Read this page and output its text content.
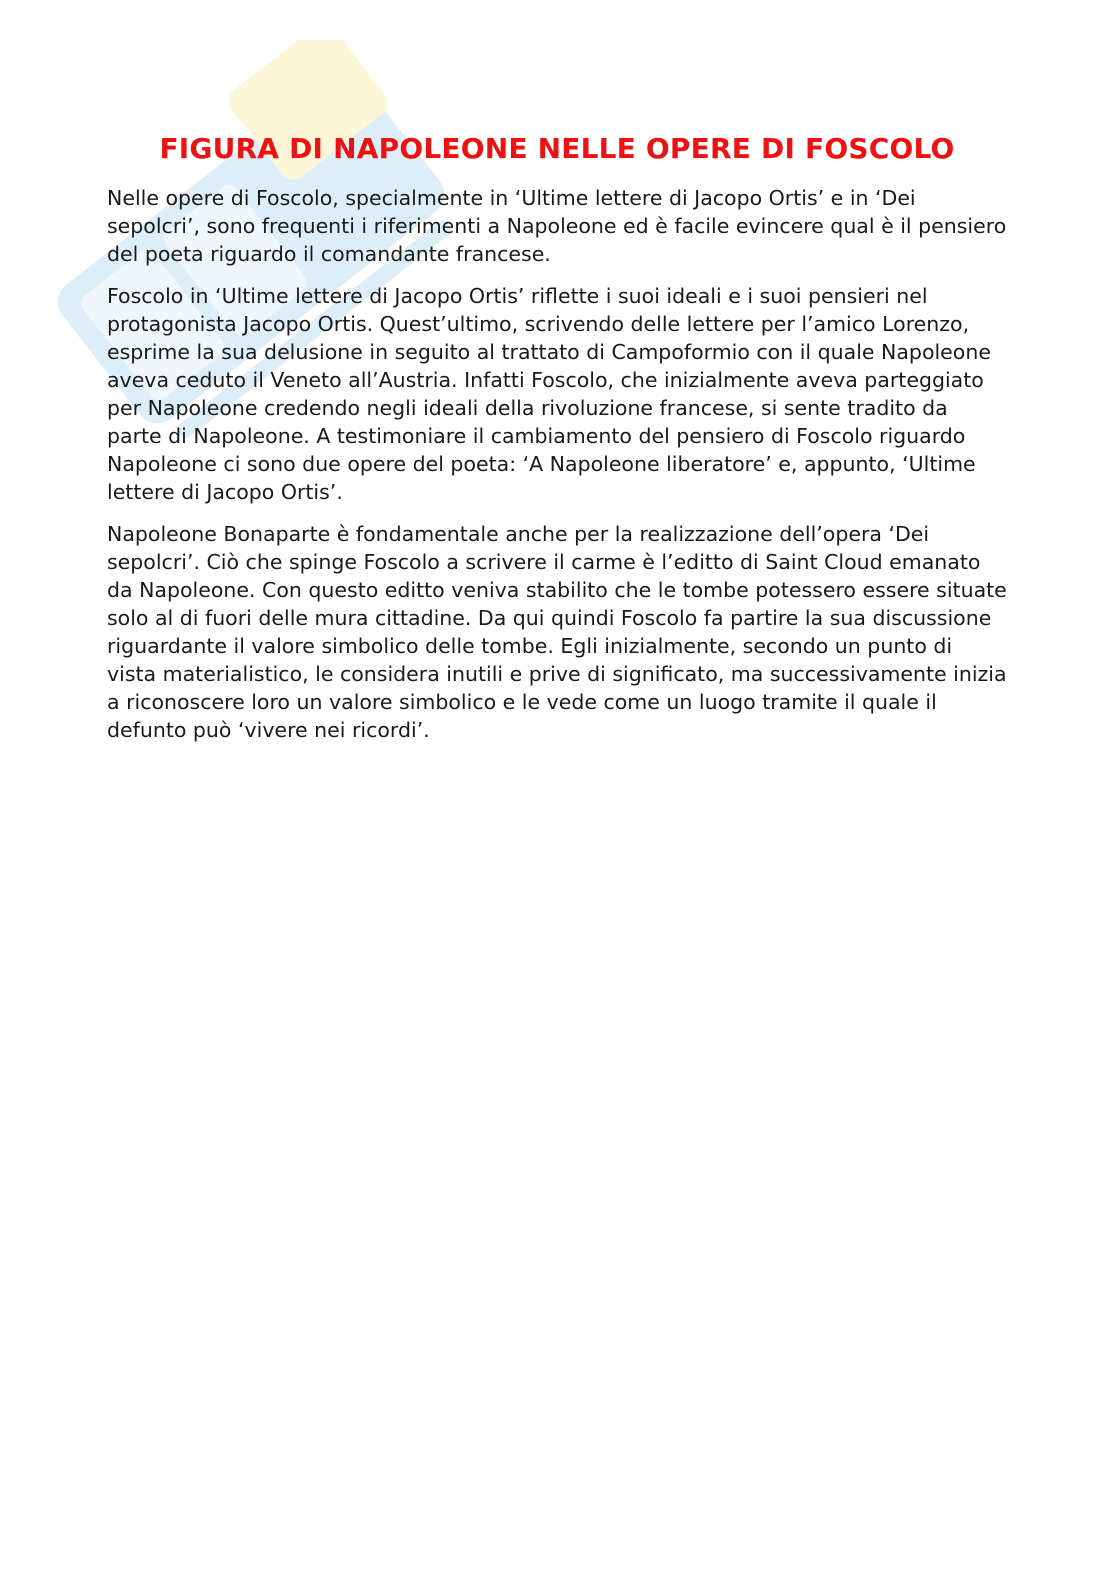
FIGURA DI NAPOLEONE NELLE OPERE DI FOSCOLO

Nelle opere di Foscolo, specialmente in ‘Ultime lettere di Jacopo Ortis’ e in ‘Dei sepolcri’, sono frequenti i riferimenti a Napoleone ed è facile evincere qual è il pensiero del poeta riguardo il comandante francese.

Foscolo in ‘Ultime lettere di Jacopo Ortis’ riflette i suoi ideali e i suoi pensieri nel protagonista Jacopo Ortis. Quest’ultimo, scrivendo delle lettere per l’amico Lorenzo, esprime la sua delusione in seguito al trattato di Campoformio con il quale Napoleone aveva ceduto il Veneto all’Austria. Infatti Foscolo, che inizialmente aveva parteggiato per Napoleone credendo negli ideali della rivoluzione francese, si sente tradito da parte di Napoleone. A testimoniare il cambiamento del pensiero di Foscolo riguardo Napoleone ci sono due opere del poeta: ‘A Napoleone liberatore’ e, appunto, ‘Ultime lettere di Jacopo Ortis’.

Napoleone Bonaparte è fondamentale anche per la realizzazione dell’opera ‘Dei sepolcri’. Ciò che spinge Foscolo a scrivere il carme è l’editto di Saint Cloud emanato da Napoleone. Con questo editto veniva stabilito che le tombe potessero essere situate solo al di fuori delle mura cittadine. Da qui quindi Foscolo fa partire la sua discussione riguardante il valore simbolico delle tombe. Egli inizialmente, secondo un punto di vista materialistico, le considera inutili e prive di significato, ma successivamente inizia a riconoscere loro un valore simbolico e le vede come un luogo tramite il quale il defunto può ‘vivere nei ricordi’.
